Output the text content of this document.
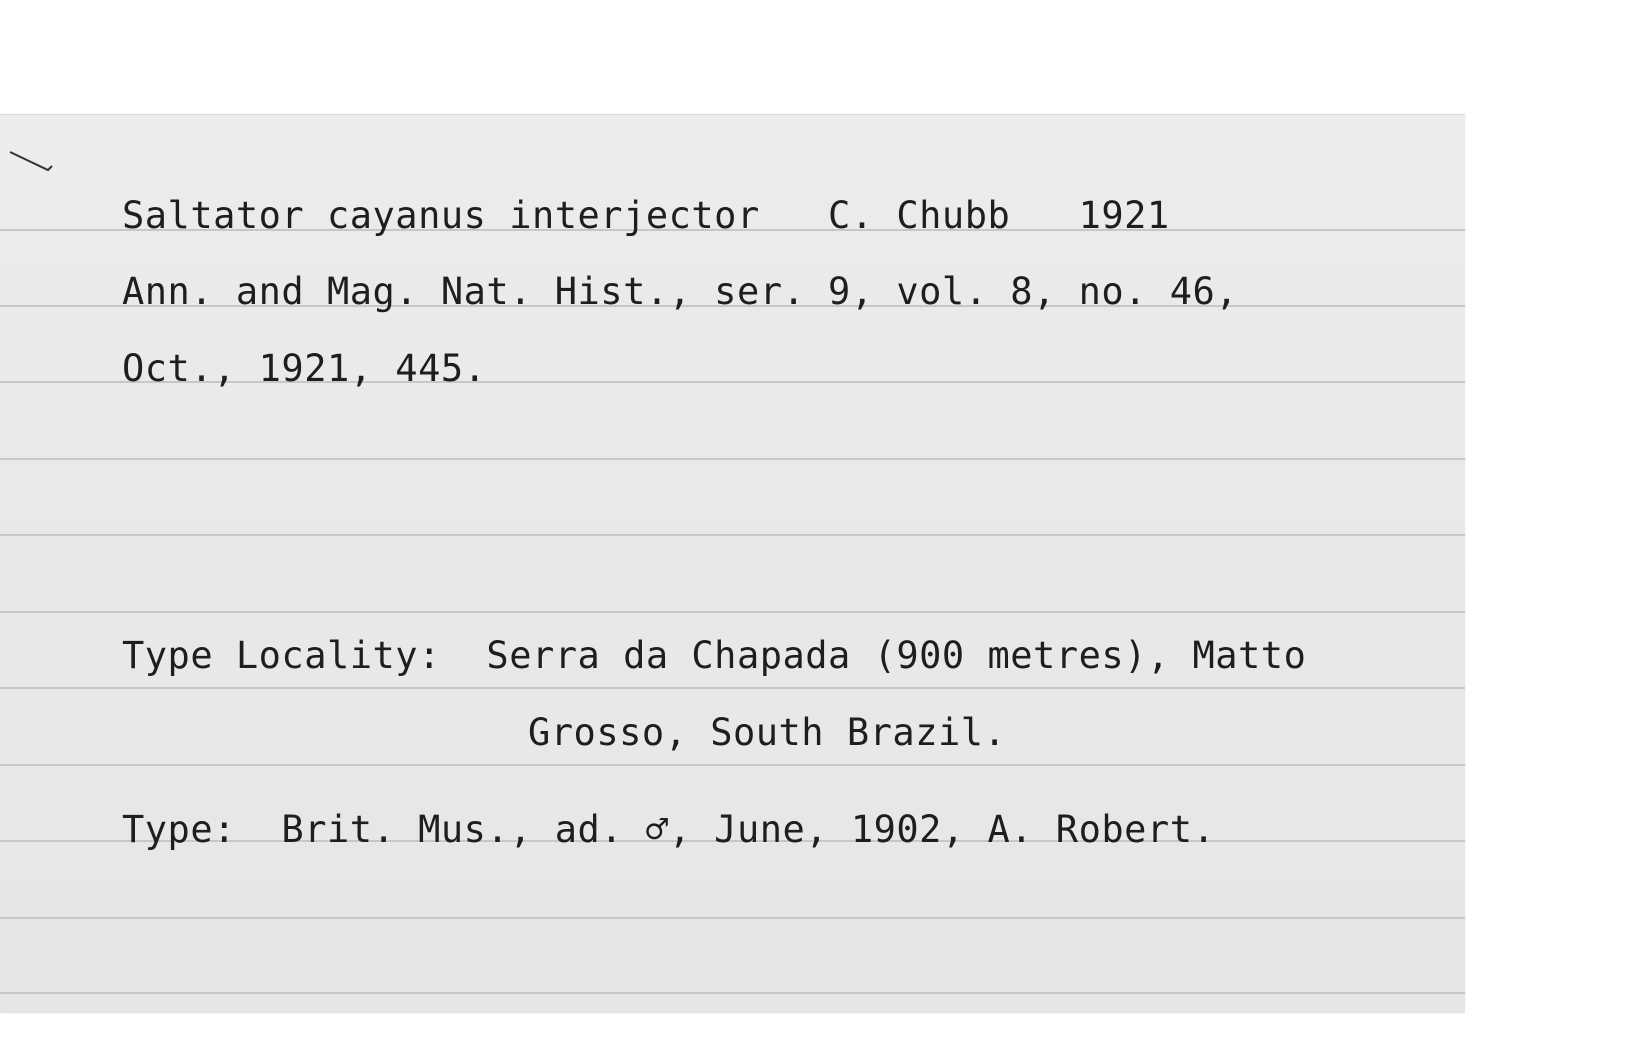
Saltator cayanus interjector   C. Chubb   1921
Ann. and Mag. Nat. Hist., ser. 9, vol. 8, no. 46,
Oct., 1921, 445.
Type Locality:  Serra da Chapada (900 metres), Matto
Grosso, South Brazil.
Type:  Brit. Mus., ad. ♂, June, 1902, A. Robert.
